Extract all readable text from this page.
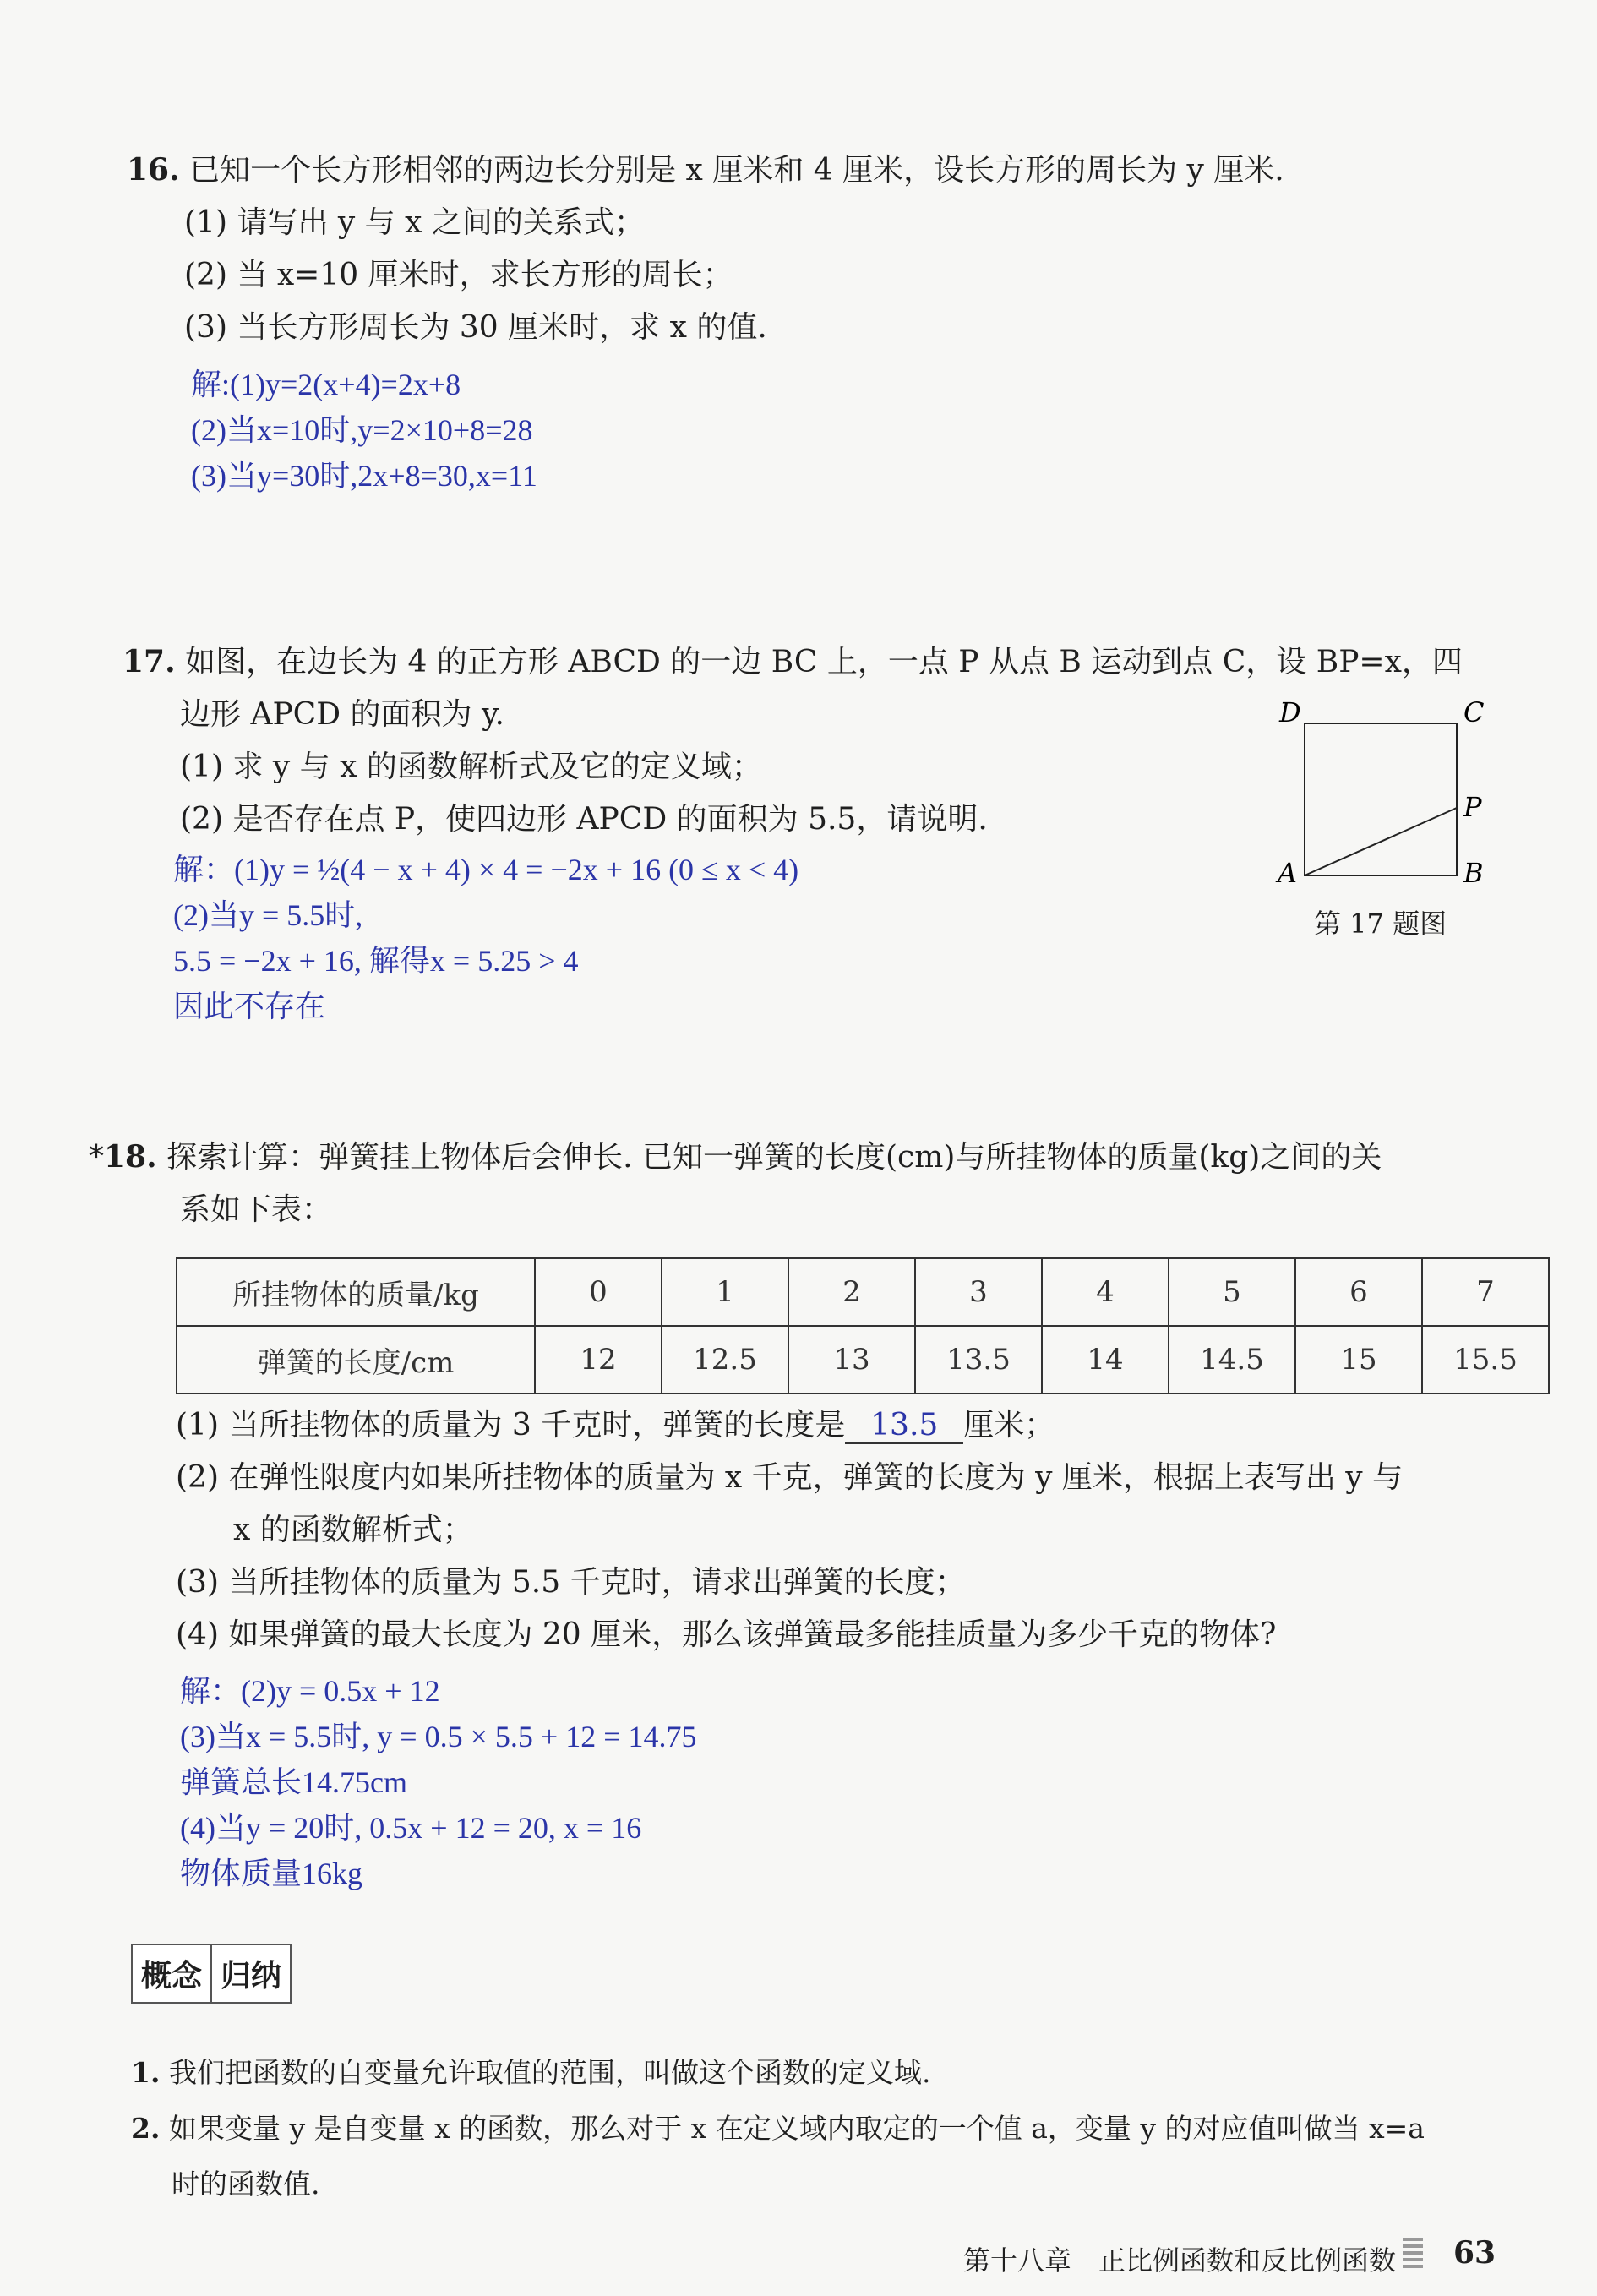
16. 已知一个长方形相邻的两边长分别是 x 厘米和 4 厘米，设长方形的周长为 y 厘米.
(1) 请写出 y 与 x 之间的关系式；
(2) 当 x=10 厘米时，求长方形的周长；
(3) 当长方形周长为 30 厘米时，求 x 的值.
解:(1)y=2(x+4)=2x+8
(2)当x=10时,y=2×10+8=28
(3)当y=30时,2x+8=30,x=11
17. 如图，在边长为 4 的正方形 ABCD 的一边 BC 上，一点 P 从点 B 运动到点 C，设 BP=x，四
边形 APCD 的面积为 y.
(1) 求 y 与 x 的函数解析式及它的定义域；
(2) 是否存在点 P，使四边形 APCD 的面积为 5.5，请说明.
D	C
P
A	B
第 17 题图
解：(1)y = ½(4 − x + 4) × 4 = −2x + 16 (0 ≤ x < 4)
(2)当y = 5.5时,
5.5 = −2x + 16, 解得x = 5.25 > 4
因此不存在
*18. 探索计算：弹簧挂上物体后会伸长. 已知一弹簧的长度(cm)与所挂物体的质量(kg)之间的关
系如下表：
所挂物体的质量/kg	0	1	2	3	4	5	6	7
弹簧的长度/cm	12	12.5	13	13.5	14	14.5	15	15.5
(1) 当所挂物体的质量为 3 千克时，弹簧的长度是 13.5 厘米；
(2) 在弹性限度内如果所挂物体的质量为 x 千克，弹簧的长度为 y 厘米，根据上表写出 y 与
x 的函数解析式；
(3) 当所挂物体的质量为 5.5 千克时，请求出弹簧的长度；
(4) 如果弹簧的最大长度为 20 厘米，那么该弹簧最多能挂质量为多少千克的物体?
解：(2)y = 0.5x + 12
(3)当x = 5.5时, y = 0.5 × 5.5 + 12 = 14.75
弹簧总长14.75cm
(4)当y = 20时, 0.5x + 12 = 20, x = 16
物体质量16kg
概念 归纳
1. 我们把函数的自变量允许取值的范围，叫做这个函数的定义域.
2. 如果变量 y 是自变量 x 的函数，那么对于 x 在定义域内取定的一个值 a，变量 y 的对应值叫做当 x=a
时的函数值.
第十八章　正比例函数和反比例函数 63
